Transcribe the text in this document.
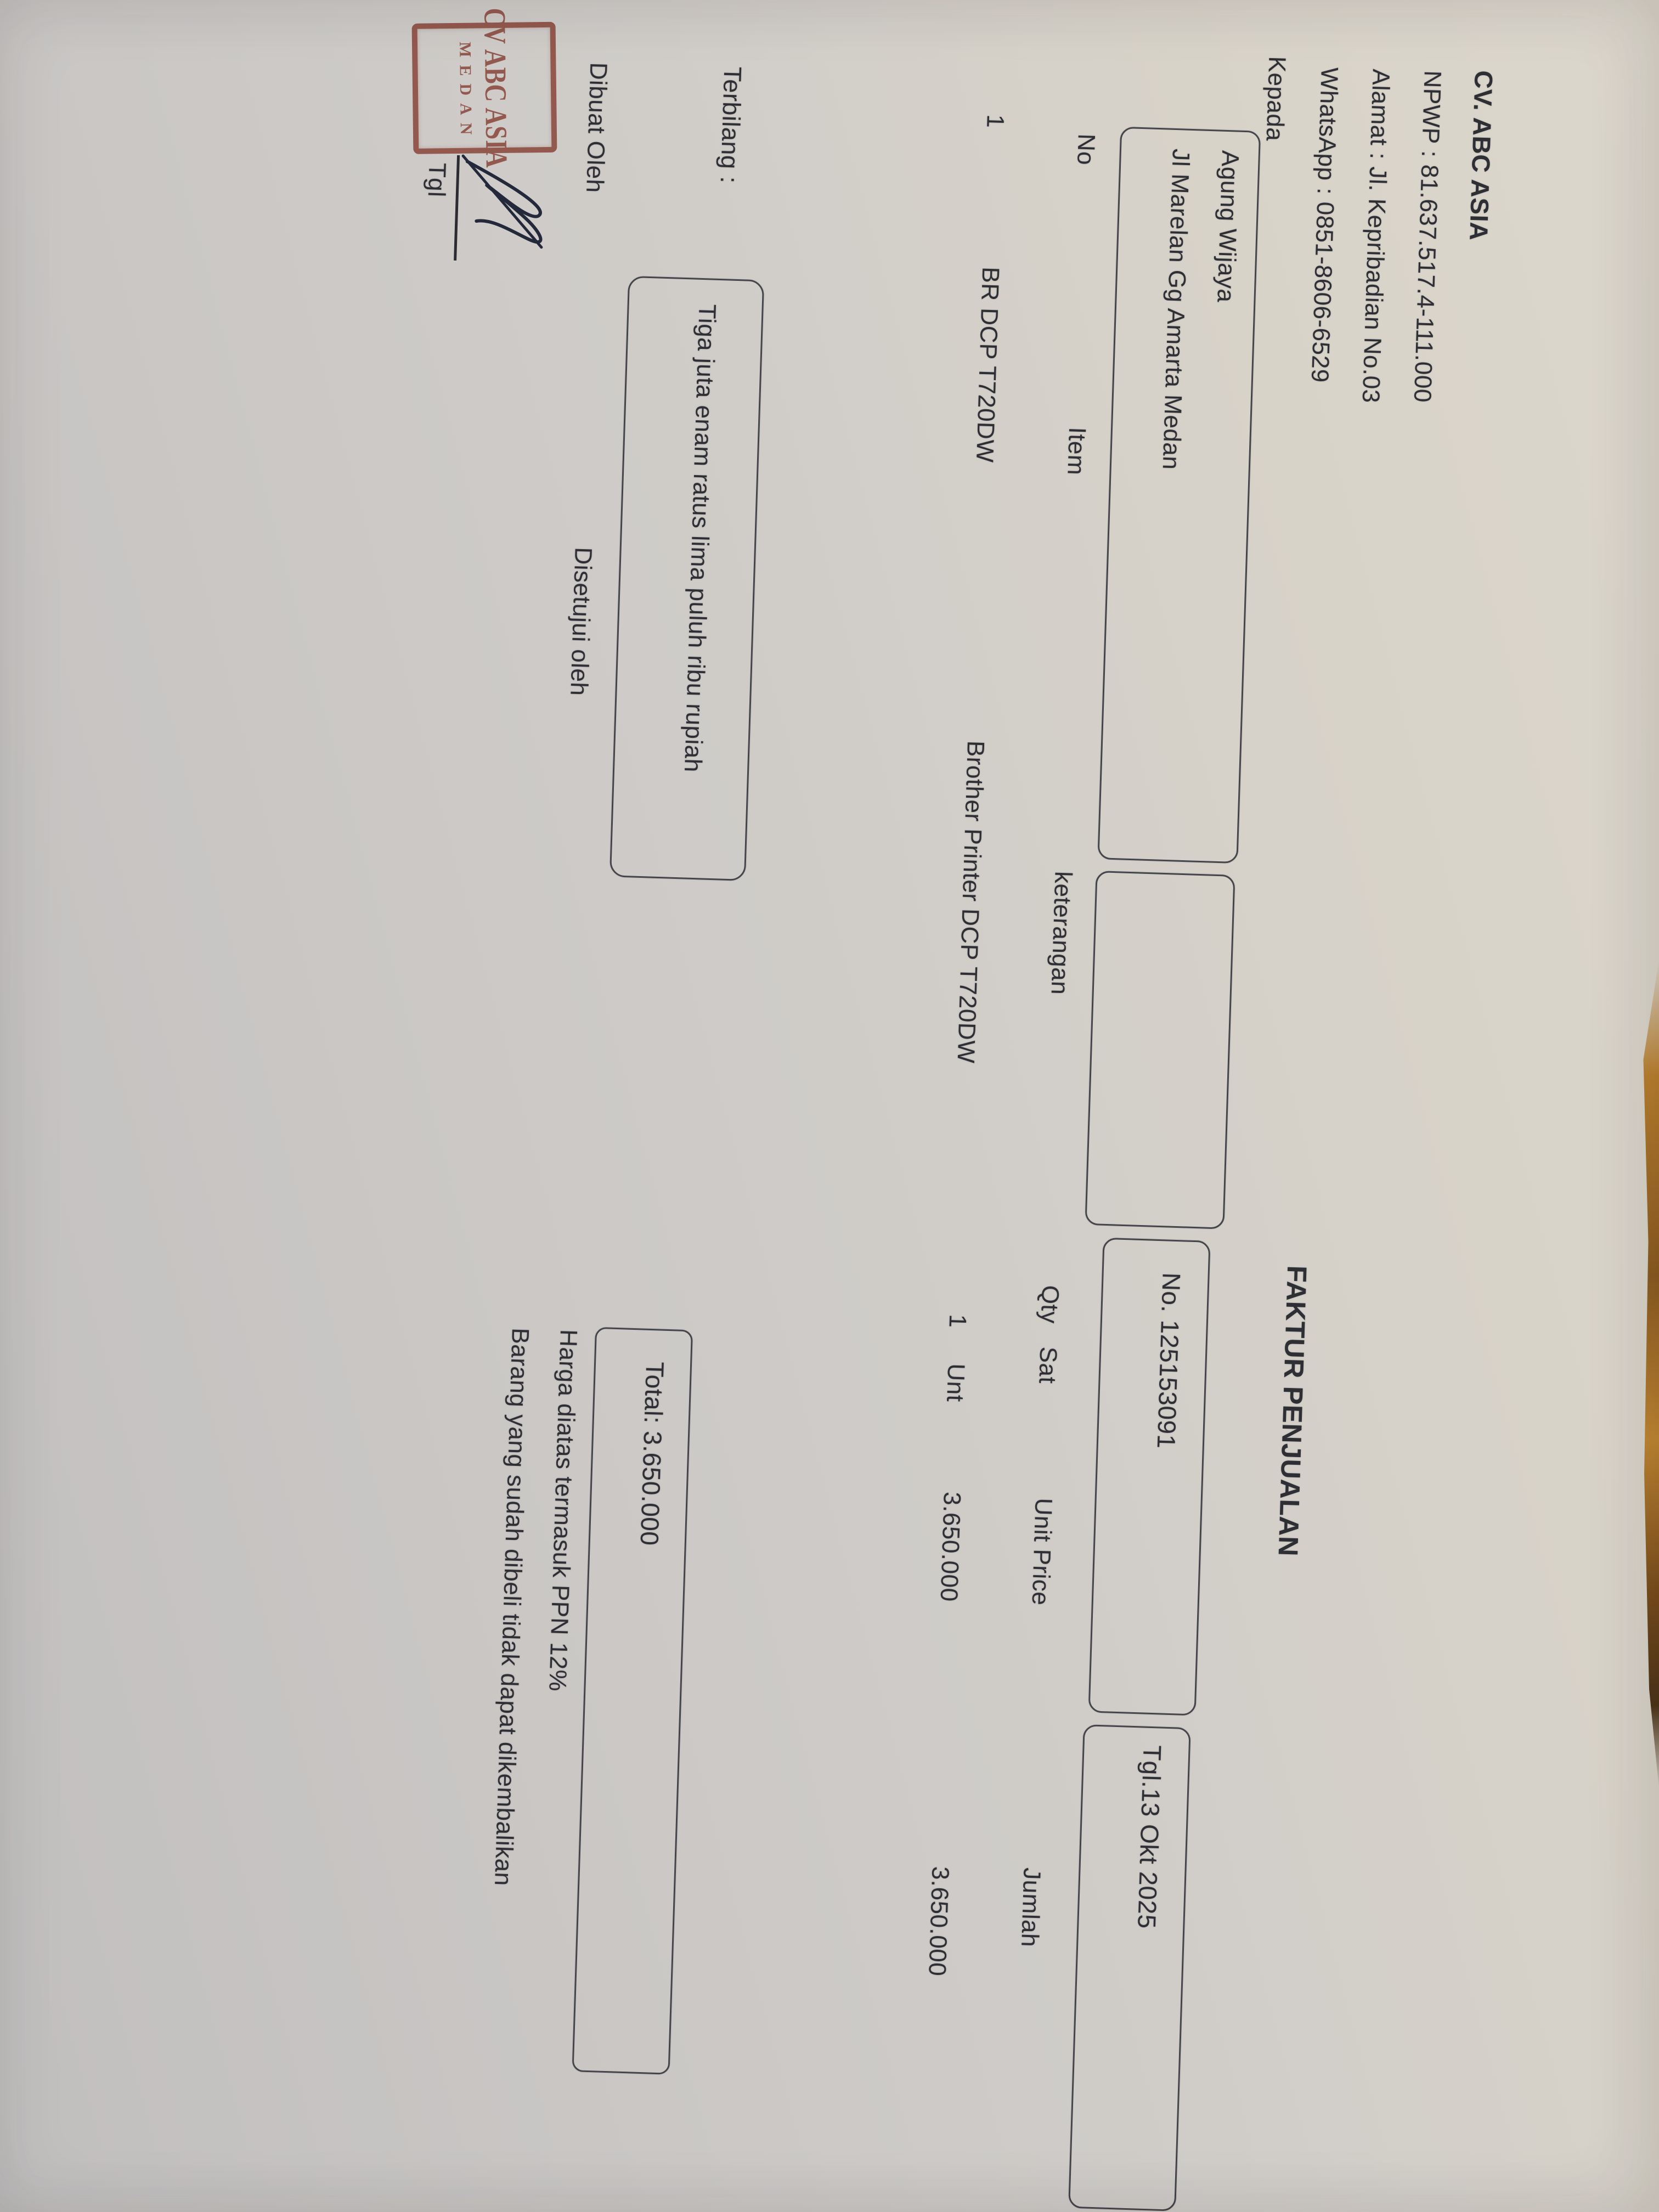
CV. ABC ASIA
NPWP : 81.637.517.4-111.000
Alamat : Jl. Kepribadian No.03
WhatsApp : 0851-8606-6529
Kepada
Agung Wijaya
Jl Marelan Gg Amarta Medan
FAKTUR PENJUALAN
No. 125153091
Tgl.13 Okt 2025
No
Item
keterangan
Qty
Sat
Unit Price
Jumlah
1
BR DCP T720DW
Brother Printer DCP T720DW
1
Unt
3.650.000
3.650.000
Terbilang :
Tiga juta enam ratus lima puluh ribu rupiah
Total: 3.650.000
Harga diatas termasuk PPN 12%
Barang yang sudah dibeli tidak dapat dikembalikan
Dibuat Oleh
Disetujui oleh
CV ABC ASIA
MEDAN
Tgl
